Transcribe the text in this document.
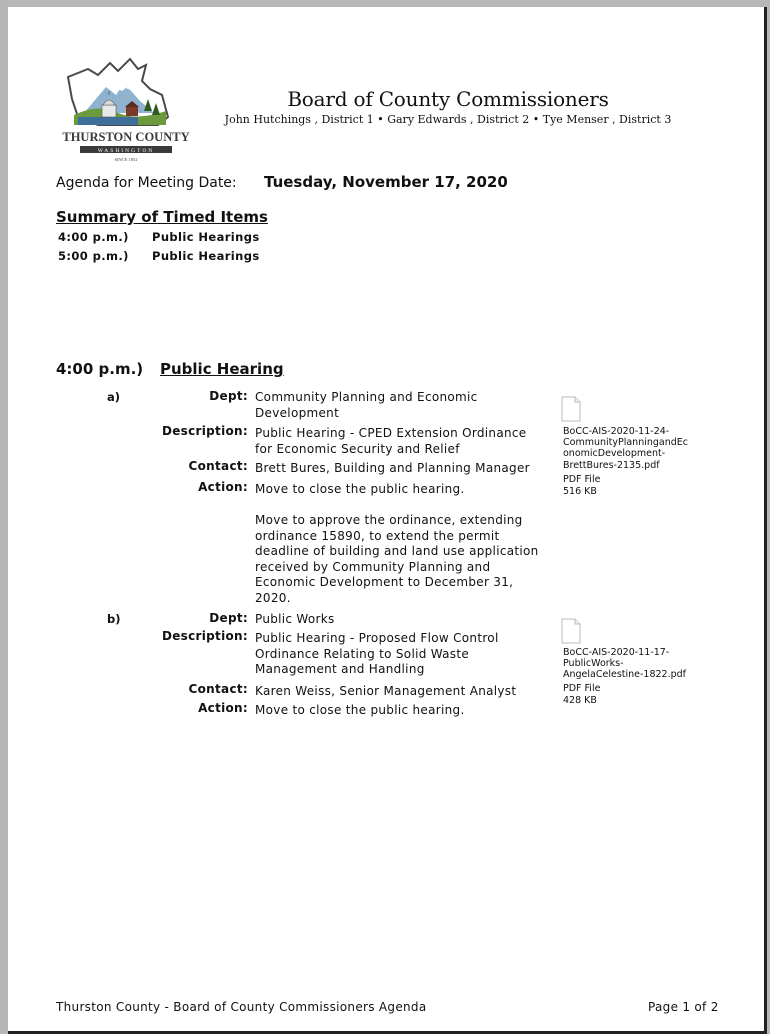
THURSTON COUNTY
WASHINGTON
SINCE 1852
Board of County Commissioners
John Hutchings , District 1 • Gary Edwards , District 2 • Tye Menser , District 3
Agenda for Meeting Date: Tuesday, November 17, 2020
Summary of Timed Items
4:00 p.m.) Public Hearings
5:00 p.m.) Public Hearings
4:00 p.m.) Public Hearing
a)	Dept: Community Planning and Economic
Development
Description: Public Hearing - CPED Extension Ordinance
for Economic Security and Relief
Contact: Brett Bures, Building and Planning Manager
Action: Move to close the public hearing.

Move to approve the ordinance, extending
ordinance 15890, to extend the permit
deadline of building and land use application
received by Community Planning and
Economic Development to December 31,
2020.
BoCC-AIS-2020-11-24-
CommunityPlanningandEc
onomicDevelopment-
BrettBures-2135.pdf
PDF File
516 KB
b)	Dept: Public Works
Description: Public Hearing - Proposed Flow Control
Ordinance Relating to Solid Waste
Management and Handling
Contact: Karen Weiss, Senior Management Analyst
Action: Move to close the public hearing.
BoCC-AIS-2020-11-17-
PublicWorks-
AngelaCelestine-1822.pdf
PDF File
428 KB
Thurston County - Board of County Commissioners Agenda	Page 1 of 2
